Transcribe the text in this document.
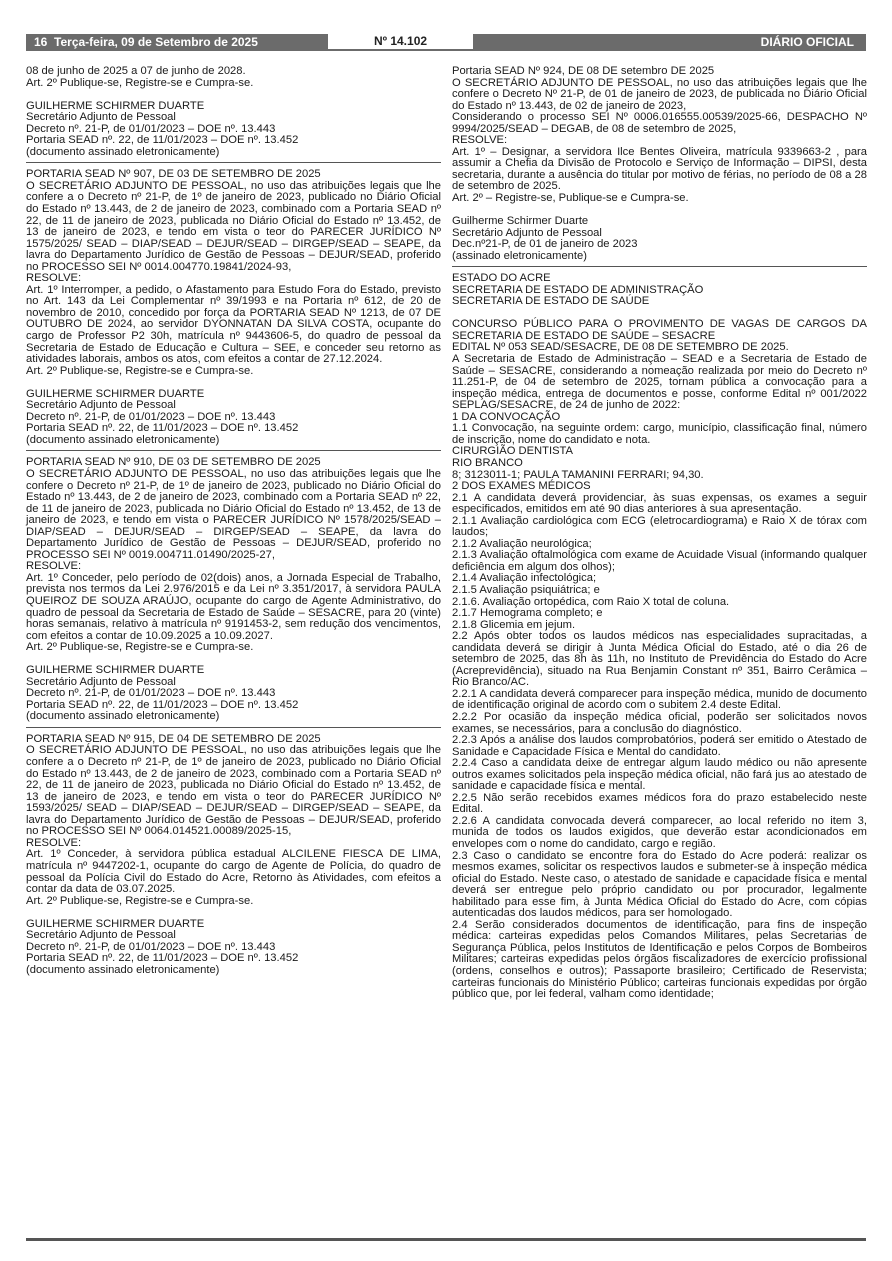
16 Terça-feira, 09 de Setembro de 2025	Nº 14.102	DIÁRIO OFICIAL

08 de junho de 2025 a 07 de junho de 2028.

Art. 2º Publique-se, Registre-se e Cumpra-se.

GUILHERME SCHIRMER DUARTE

Secretário Adjunto de Pessoal

Decreto nº. 21-P, de 01/01/2023 – DOE nº. 13.443

Portaria SEAD nº. 22, de 11/01/2023 – DOE nº. 13.452

(documento assinado eletronicamente)

PORTARIA SEAD Nº 907, DE 03 DE SETEMBRO DE 2025

O SECRETÁRIO ADJUNTO DE PESSOAL, no uso das atribuições legais que lhe confere a o Decreto nº 21-P, de 1º de janeiro de 2023, publicado no Diário Oficial do Estado nº 13.443, de 2 de janeiro de 2023, combinado com a Portaria SEAD nº 22, de 11 de janeiro de 2023, publicada no Diário Oficial do Estado nº 13.452, de 13 de janeiro de 2023, e tendo em vista o teor do PARECER JURÍDICO Nº 1575/2025/ SEAD – DIAP/SEAD – DEJUR/SEAD – DIRGEP/SEAD – SEAPE, da lavra do Departamento Jurídico de Gestão de Pessoas – DEJUR/SEAD, proferido no PROCESSO SEI Nº 0014.004770.19841/2024-93,

RESOLVE:

Art. 1º Interromper, a pedido, o Afastamento para Estudo Fora do Estado, previsto no Art. 143 da Lei Complementar nº 39/1993 e na Portaria nº 612, de 20 de novembro de 2010, concedido por força da PORTARIA SEAD Nº 1213, de 07 DE OUTUBRO DE 2024, ao servidor DYONNATAN DA SILVA COSTA, ocupante do cargo de Professor P2 30h, matrícula nº 9443606-5, do quadro de pessoal da Secretaria de Estado de Educação e Cultura – SEE, e conceder seu retorno as atividades laborais, ambos os atos, com efeitos a contar de 27.12.2024.

Art. 2º Publique-se, Registre-se e Cumpra-se.

GUILHERME SCHIRMER DUARTE

Secretário Adjunto de Pessoal

Decreto nº. 21-P, de 01/01/2023 – DOE nº. 13.443

Portaria SEAD nº. 22, de 11/01/2023 – DOE nº. 13.452

(documento assinado eletronicamente)

PORTARIA SEAD Nº 910, DE 03 DE SETEMBRO DE 2025

O SECRETÁRIO ADJUNTO DE PESSOAL, no uso das atribuições legais que lhe confere o Decreto nº 21-P, de 1º de janeiro de 2023, publicado no Diário Oficial do Estado nº 13.443, de 2 de janeiro de 2023, combinado com a Portaria SEAD nº 22, de 11 de janeiro de 2023, publicada no Diário Oficial do Estado nº 13.452, de 13 de janeiro de 2023, e tendo em vista o PARECER JURÍDICO Nº 1578/2025/SEAD – DIAP/SEAD – DEJUR/SEAD – DIRGEP/SEAD – SEAPE, da lavra do Departamento Jurídico de Gestão de Pessoas – DEJUR/SEAD, proferido no PROCESSO SEI Nº 0019.004711.01490/2025-27,

RESOLVE:

Art. 1º Conceder, pelo período de 02(dois) anos, a Jornada Especial de Trabalho, prevista nos termos da Lei 2.976/2015 e da Lei nº 3.351/2017, à servidora PAULA QUEIROZ DE SOUZA ARAÚJO, ocupante do cargo de Agente Administrativo, do quadro de pessoal da Secretaria de Estado de Saúde – SESACRE, para 20 (vinte) horas semanais, relativo à matrícula nº 9191453-2, sem redução dos vencimentos, com efeitos a contar de 10.09.2025 a 10.09.2027.

Art. 2º Publique-se, Registre-se e Cumpra-se.

GUILHERME SCHIRMER DUARTE

Secretário Adjunto de Pessoal

Decreto nº. 21-P, de 01/01/2023 – DOE nº. 13.443

Portaria SEAD nº. 22, de 11/01/2023 – DOE nº. 13.452

(documento assinado eletronicamente)

PORTARIA SEAD Nº 915, DE 04 DE SETEMBRO DE 2025

O SECRETÁRIO ADJUNTO DE PESSOAL, no uso das atribuições legais que lhe confere a o Decreto nº 21-P, de 1º de janeiro de 2023, publicado no Diário Oficial do Estado nº 13.443, de 2 de janeiro de 2023, combinado com a Portaria SEAD nº 22, de 11 de janeiro de 2023, publicada no Diário Oficial do Estado nº 13.452, de 13 de janeiro de 2023, e tendo em vista o teor do PARECER JURÍDICO Nº 1593/2025/ SEAD – DIAP/SEAD – DEJUR/SEAD – DIRGEP/SEAD – SEAPE, da lavra do Departamento Jurídico de Gestão de Pessoas – DEJUR/SEAD, proferido no PROCESSO SEI Nº 0064.014521.00089/2025-15,

RESOLVE:

Art. 1º Conceder, à servidora pública estadual ALCILENE FIESCA DE LIMA, matrícula nº 9447202-1, ocupante do cargo de Agente de Polícia, do quadro de pessoal da Polícia Civil do Estado do Acre, Retorno às Atividades, com efeitos a contar da data de 03.07.2025.

Art. 2º Publique-se, Registre-se e Cumpra-se.

GUILHERME SCHIRMER DUARTE

Secretário Adjunto de Pessoal

Decreto nº. 21-P, de 01/01/2023 – DOE nº. 13.443

Portaria SEAD nº. 22, de 11/01/2023 – DOE nº. 13.452

(documento assinado eletronicamente)

Portaria SEAD Nº 924, DE 08 DE setembro DE 2025

O SECRETÁRIO ADJUNTO DE PESSOAL, no uso das atribuições legais que lhe confere o Decreto Nº 21-P, de 01 de janeiro de 2023, de publicada no Diário Oficial do Estado nº 13.443, de 02 de janeiro de 2023,

Considerando o processo SEI Nº 0006.016555.00539/2025-66, DESPACHO Nº 9994/2025/SEAD – DEGAB, de 08 de setembro de 2025,

RESOLVE:

Art. 1º – Designar, a servidora Ilce Bentes Oliveira, matrícula 9339663-2 , para assumir a Chefia da Divisão de Protocolo e Serviço de Informação – DIPSI, desta secretaria, durante a ausência do titular por motivo de férias, no período de 08 a 28 de setembro de 2025.

Art. 2º – Registre-se, Publique-se e Cumpra-se.

Guilherme Schirmer Duarte

Secretário Adjunto de Pessoal

Dec.nº21-P, de 01 de janeiro de 2023

(assinado eletronicamente)

ESTADO DO ACRE

SECRETARIA DE ESTADO DE ADMINISTRAÇÃO

SECRETARIA DE ESTADO DE SAÚDE

CONCURSO PÚBLICO PARA O PROVIMENTO DE VAGAS DE CARGOS DA SECRETARIA DE ESTADO DE SAÚDE – SESACRE

EDITAL Nº 053 SEAD/SESACRE, DE 08 DE SETEMBRO DE 2025.

A Secretaria de Estado de Administração – SEAD e a Secretaria de Estado de Saúde – SESACRE, considerando a nomeação realizada por meio do Decreto nº 11.251-P, de 04 de setembro de 2025, tornam pública a convocação para a inspeção médica, entrega de documentos e posse, conforme Edital nº 001/2022 SEPLAG/SESACRE, de 24 de junho de 2022:

1 DA CONVOCAÇÃO

1.1 Convocação, na seguinte ordem: cargo, município, classificação final, número de inscrição, nome do candidato e nota.

CIRURGIÃO DENTISTA

RIO BRANCO

8; 3123011-1; PAULA TAMANINI FERRARI; 94,30.

2 DOS EXAMES MÉDICOS

2.1 A candidata deverá providenciar, às suas expensas, os exames a seguir especificados, emitidos em até 90 dias anteriores à sua apresentação.

2.1.1 Avaliação cardiológica com ECG (eletrocardiograma) e Raio X de tórax com laudos;

2.1.2 Avaliação neurológica;

2.1.3 Avaliação oftalmológica com exame de Acuidade Visual (informando qualquer deficiência em algum dos olhos);

2.1.4 Avaliação infectológica;

2.1.5 Avaliação psiquiátrica; e

2.1.6. Avaliação ortopédica, com Raio X total de coluna.

2.1.7 Hemograma completo; e

2.1.8 Glicemia em jejum.

2.2 Após obter todos os laudos médicos nas especialidades supracitadas, a candidata deverá se dirigir à Junta Médica Oficial do Estado, até o dia 26 de setembro de 2025, das 8h às 11h, no Instituto de Previdência do Estado do Acre (Acreprevidência), situado na Rua Benjamin Constant nº 351, Bairro Cerâmica – Rio Branco/AC.

2.2.1 A candidata deverá comparecer para inspeção médica, munido de documento de identificação original de acordo com o subitem 2.4 deste Edital.

2.2.2 Por ocasião da inspeção médica oficial, poderão ser solicitados novos exames, se necessários, para a conclusão do diagnóstico.

2.2.3 Após a análise dos laudos comprobatórios, poderá ser emitido o Atestado de Sanidade e Capacidade Física e Mental do candidato.

2.2.4 Caso a candidata deixe de entregar algum laudo médico ou não apresente outros exames solicitados pela inspeção médica oficial, não fará jus ao atestado de sanidade e capacidade física e mental.

2.2.5 Não serão recebidos exames médicos fora do prazo estabelecido neste Edital.

2.2.6 A candidata convocada deverá comparecer, ao local referido no item 3, munida de todos os laudos exigidos, que deverão estar acondicionados em envelopes com o nome do candidato, cargo e região.

2.3 Caso o candidato se encontre fora do Estado do Acre poderá: realizar os mesmos exames, solicitar os respectivos laudos e submeter-se à inspeção médica oficial do Estado. Neste caso, o atestado de sanidade e capacidade física e mental deverá ser entregue pelo próprio candidato ou por procurador, legalmente habilitado para esse fim, à Junta Médica Oficial do Estado do Acre, com cópias autenticadas dos laudos médicos, para ser homologado.

2.4 Serão considerados documentos de identificação, para fins de inspeção médica: carteiras expedidas pelos Comandos Militares, pelas Secretarias de Segurança Pública, pelos Institutos de Identificação e pelos Corpos de Bombeiros Militares; carteiras expedidas pelos órgãos fiscalizadores de exercício profissional (ordens, conselhos e outros); Passaporte brasileiro; Certificado de Reservista; carteiras funcionais do Ministério Público; carteiras funcionais expedidas por órgão público que, por lei federal, valham como identidade;
